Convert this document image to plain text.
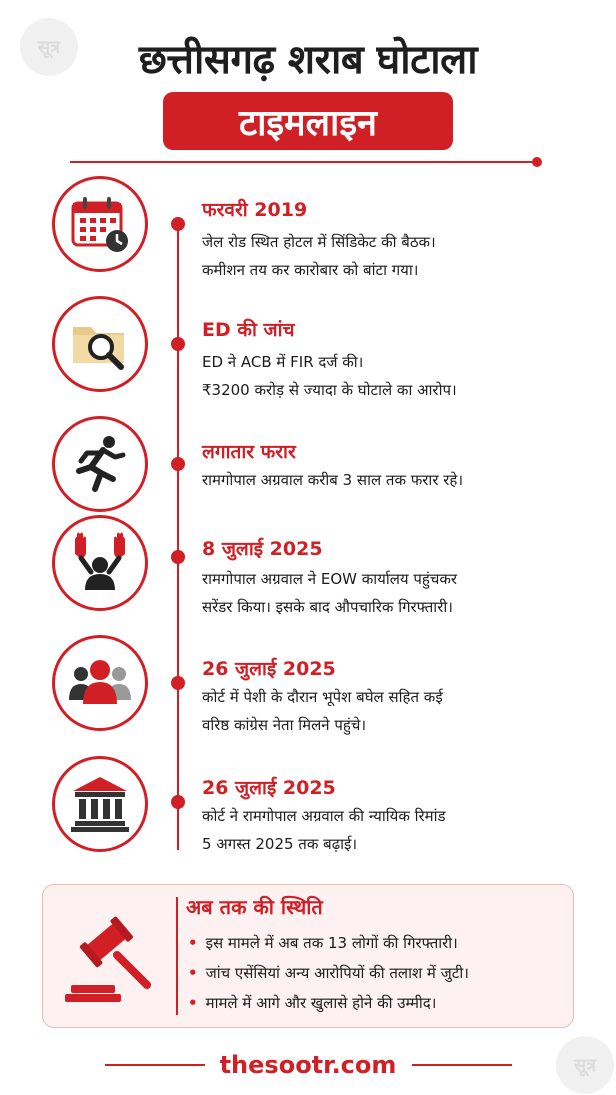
सूत्र
सूत्र
छत्तीसगढ़ शराब घोटाला
टाइमलाइन
फरवरी 2019
जेल रोड स्थित होटल में सिंडिकेट की बैठक।
कमीशन तय कर कारोबार को बांटा गया।
ED की जांच
ED ने ACB में FIR दर्ज की।
₹3200 करोड़ से ज्यादा के घोटाले का आरोप।
लगातार फरार
रामगोपाल अग्रवाल करीब 3 साल तक फरार रहे।
8 जुलाई 2025
रामगोपाल अग्रवाल ने EOW कार्यालय पहुंचकर
सरेंडर किया। इसके बाद औपचारिक गिरफ्तारी।
26 जुलाई 2025
कोर्ट में पेशी के दौरान भूपेश बघेल सहित कई
वरिष्ठ कांग्रेस नेता मिलने पहुंचे।
26 जुलाई 2025
कोर्ट ने रामगोपाल अग्रवाल की न्यायिक रिमांड
5 अगस्त 2025 तक बढ़ाई।
अब तक की स्थिति
• इस मामले में अब तक 13 लोगों की गिरफ्तारी।
• जांच एसेंसियां अन्य आरोपियों की तलाश में जुटी।
• मामले में आगे और खुलासे होने की उम्मीद।
thesootr.com
